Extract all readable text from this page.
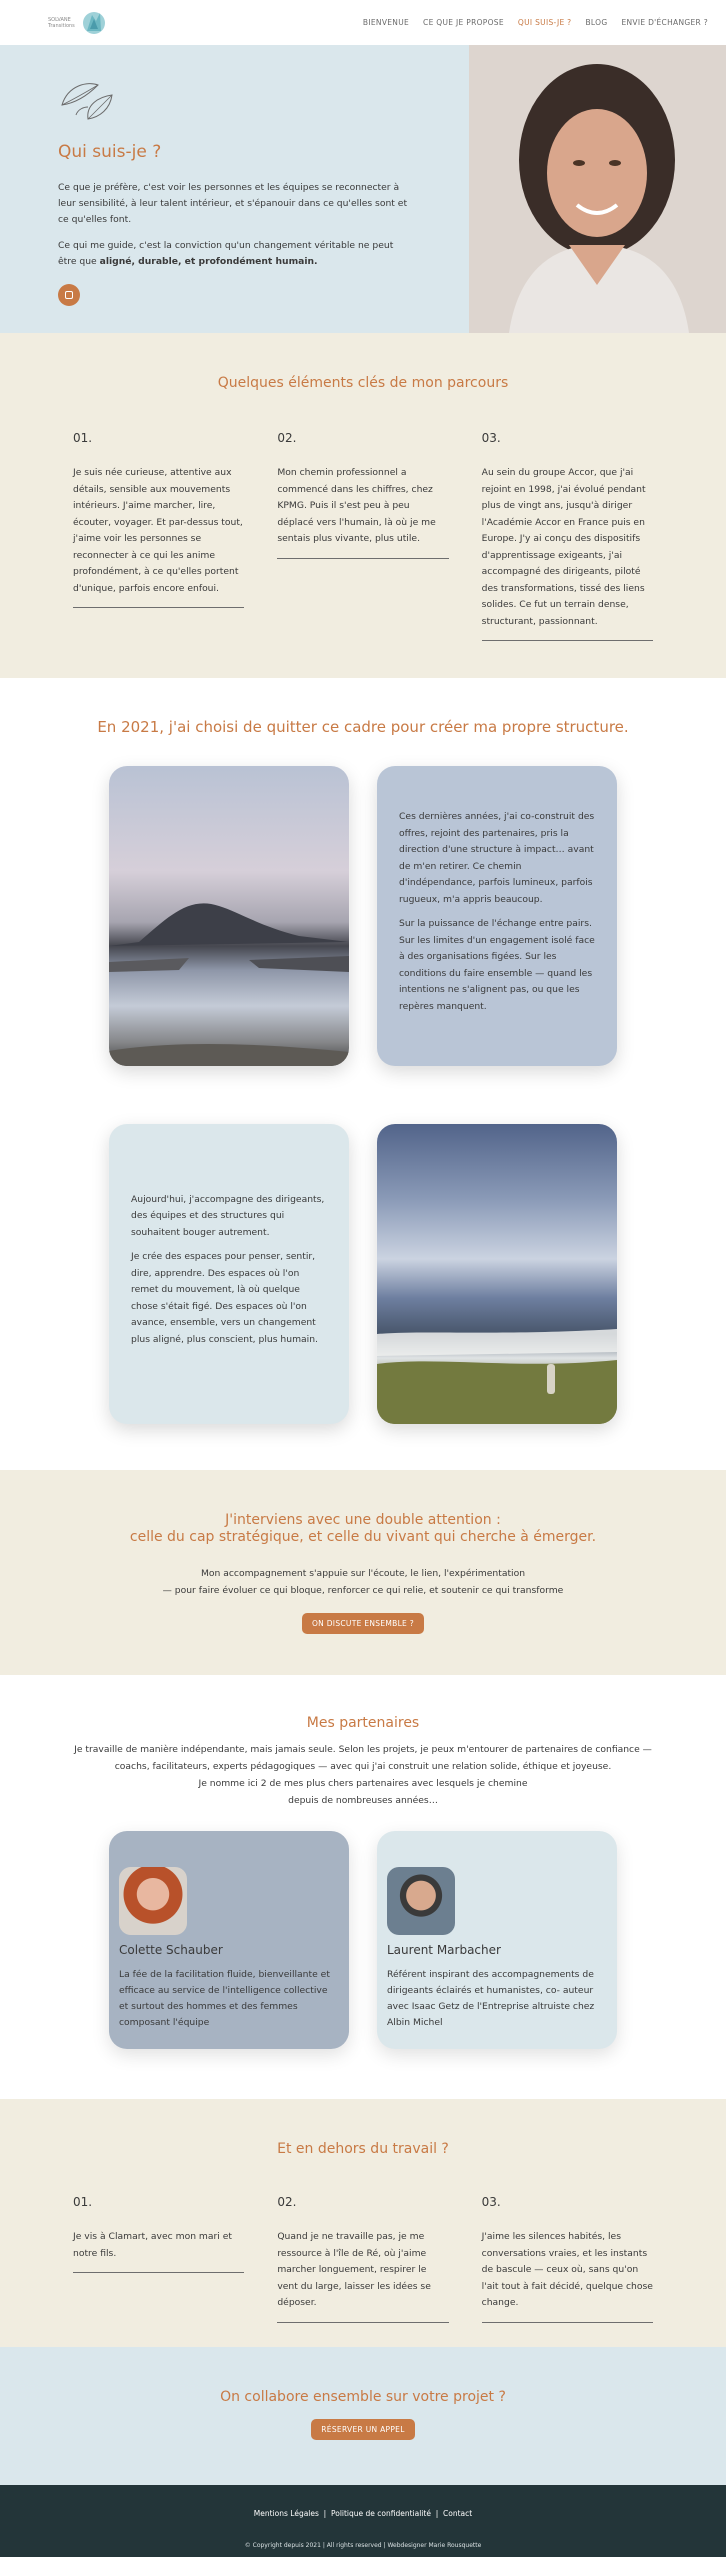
SOLVANE
Transitions	BIENVENUE CE QUE JE PROPOSE QUI SUIS-JE ? BLOG ENVIE D'ÉCHANGER ?
Qui suis-je ?

Ce que je préfère, c'est voir les personnes et les équipes se reconnecter à leur sensibilité, à leur talent intérieur, et s'épanouir dans ce qu'elles sont et ce qu'elles font.

Ce qui me guide, c'est la conviction qu'un changement véritable ne peut être que aligné, durable, et profondément humain.

Quelques éléments clés de mon parcours
01.

Je suis née curieuse, attentive aux détails, sensible aux mouvements intérieurs. J'aime marcher, lire, écouter, voyager. Et par-dessus tout, j'aime voir les personnes se reconnecter à ce qui les anime profondément, à ce qu'elles portent d'unique, parfois encore enfoui.

02.

Mon chemin professionnel a commencé dans les chiffres, chez KPMG. Puis il s'est peu à peu déplacé vers l'humain, là où je me sentais plus vivante, plus utile.

03.

Au sein du groupe Accor, que j'ai rejoint en 1998, j'ai évolué pendant plus de vingt ans, jusqu'à diriger l'Académie Accor en France puis en Europe. J'y ai conçu des dispositifs d'apprentissage exigeants, j'ai accompagné des dirigeants, piloté des transformations, tissé des liens solides. Ce fut un terrain dense, structurant, passionnant.

En 2021, j'ai choisi de quitter ce cadre pour créer ma propre structure.

Ces dernières années, j'ai co-construit des offres, rejoint des partenaires, pris la direction d'une structure à impact… avant de m'en retirer. Ce chemin d'indépendance, parfois lumineux, parfois rugueux, m'a appris beaucoup.

Sur la puissance de l'échange entre pairs. Sur les limites d'un engagement isolé face à des organisations figées. Sur les conditions du faire ensemble — quand les intentions ne s'alignent pas, ou que les repères manquent.

Aujourd'hui, j'accompagne des dirigeants, des équipes et des structures qui souhaitent bouger autrement.

Je crée des espaces pour penser, sentir, dire, apprendre. Des espaces où l'on remet du mouvement, là où quelque chose s'était figé. Des espaces où l'on avance, ensemble, vers un changement plus aligné, plus conscient, plus humain.

J'interviens avec une double attention :
celle du cap stratégique, et celle du vivant qui cherche à émerger.

Mon accompagnement s'appuie sur l'écoute, le lien, l'expérimentation
— pour faire évoluer ce qui bloque, renforcer ce qui relie, et soutenir ce qui transforme

ON DISCUTE ENSEMBLE ?
Mes partenaires

Je travaille de manière indépendante, mais jamais seule. Selon les projets, je peux m'entourer de partenaires de confiance —
coachs, facilitateurs, experts pédagogiques — avec qui j'ai construit une relation solide, éthique et joyeuse.
Je nomme ici 2 de mes plus chers partenaires avec lesquels je chemine
depuis de nombreuses années…

Colette Schauber

La fée de la facilitation fluide, bienveillante et efficace au service de l'intelligence collective et surtout des hommes et des femmes composant l'équipe

Laurent Marbacher

Référent inspirant des accompagnements de dirigeants éclairés et humanistes, co- auteur avec Isaac Getz de l'Entreprise altruiste chez Albin Michel

Et en dehors du travail ?
01.

Je vis à Clamart, avec mon mari et notre fils.

02.

Quand je ne travaille pas, je me ressource à l'île de Ré, où j'aime marcher longuement, respirer le vent du large, laisser les idées se déposer.

03.

J'aime les silences habités, les conversations vraies, et les instants de bascule — ceux où, sans qu'on l'ait tout à fait décidé, quelque chose change.

On collabore ensemble sur votre projet ?
RÉSERVER UN APPEL
Mentions Légales  |  Politique de confidentialité  |  Contact
© Copyright depuis 2021 | All rights reserved | Webdesigner Marie Rousquette
